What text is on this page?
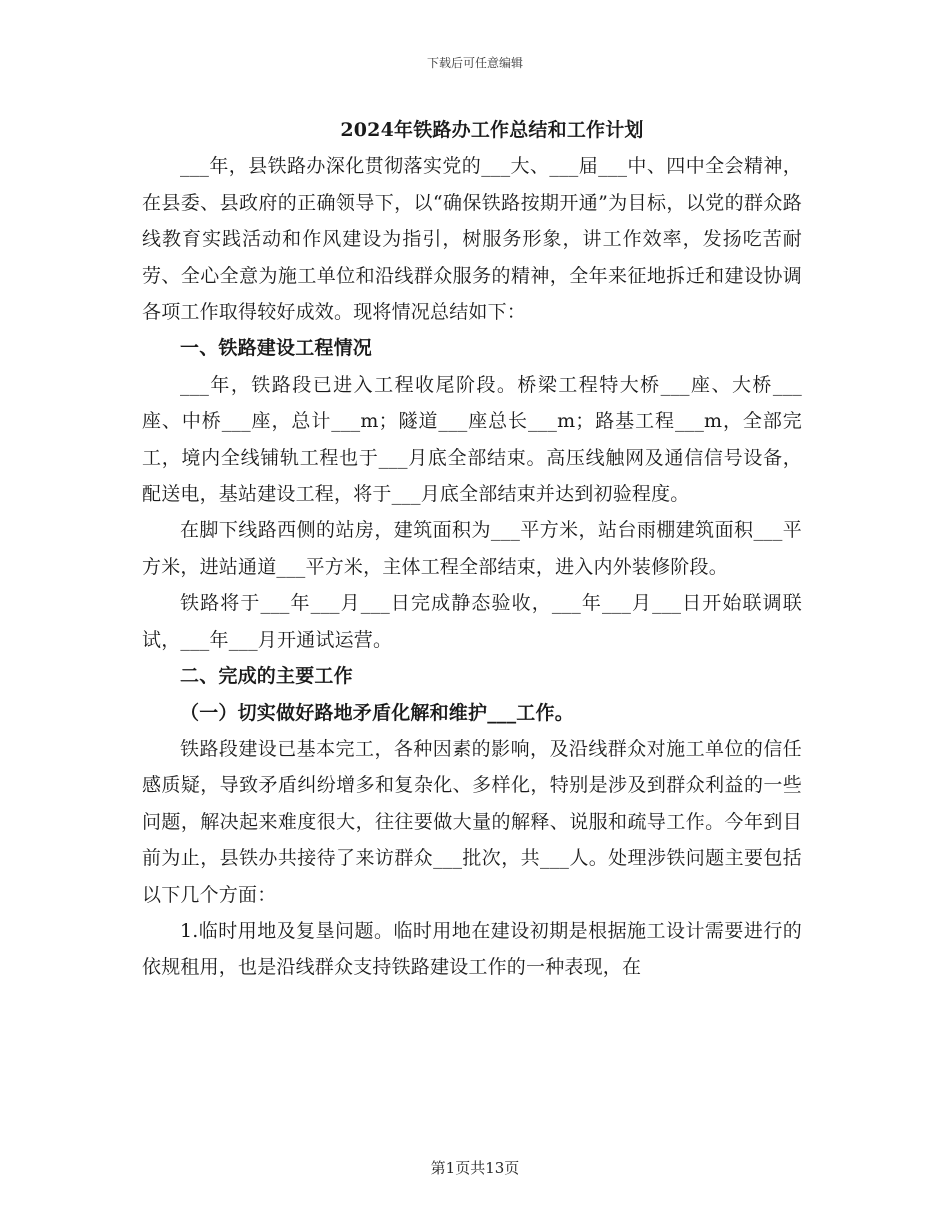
下载后可任意编辑

2024年铁路办工作总结和工作计划

___年，县铁路办深化贯彻落实党的___大、___届___中、四中全会精神，在县委、县政府的正确领导下，以“确保铁路按期开通”为目标，以党的群众路线教育实践活动和作风建设为指引，树服务形象，讲工作效率，发扬吃苦耐劳、全心全意为施工单位和沿线群众服务的精神，全年来征地拆迁和建设协调各项工作取得较好成效。现将情况总结如下：

一、铁路建设工程情况

___年，铁路段已进入工程收尾阶段。桥梁工程特大桥___座、大桥___座、中桥___座，总计___m；隧道___座总长___m；路基工程___m，全部完工，境内全线铺轨工程也于___月底全部结束。高压线触网及通信信号设备，配送电，基站建设工程，将于___月底全部结束并达到初验程度。

在脚下线路西侧的站房，建筑面积为___平方米，站台雨棚建筑面积___平方米，进站通道___平方米，主体工程全部结束，进入内外装修阶段。

铁路将于___年___月___日完成静态验收，___年___月___日开始联调联试，___年___月开通试运营。

二、完成的主要工作

（一）切实做好路地矛盾化解和维护___工作。

铁路段建设已基本完工，各种因素的影响，及沿线群众对施工单位的信任感质疑，导致矛盾纠纷增多和复杂化、多样化，特别是涉及到群众利益的一些问题，解决起来难度很大，往往要做大量的解释、说服和疏导工作。今年到目前为止，县铁办共接待了来访群众___批次，共___人。处理涉铁问题主要包括以下几个方面：

1.临时用地及复垦问题。临时用地在建设初期是根据施工设计需要进行的依规租用，也是沿线群众支持铁路建设工作的一种表现，在

第1页共13页
